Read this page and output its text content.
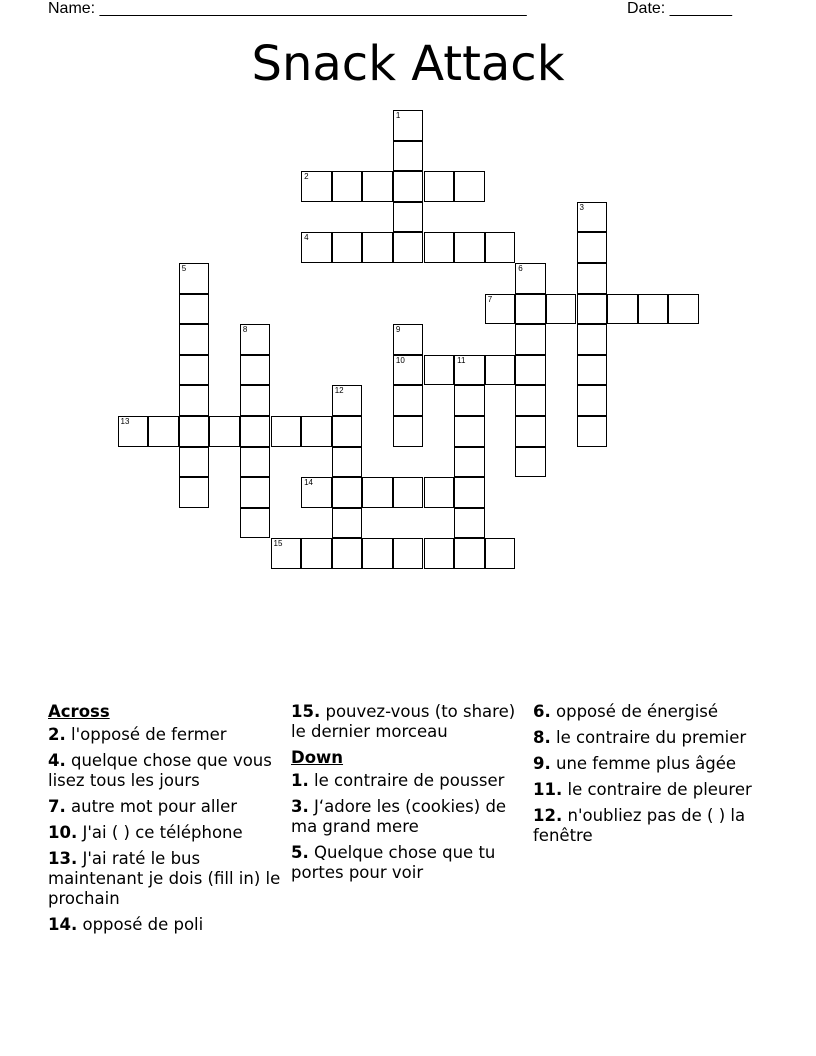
Name: ________________________________________________	Date: _______
Snack Attack
1
2
3
4
5	6
7
8	9
10	11
12
13
14
15
Across
2. l'opposé de fermer
4. quelque chose que vous lisez tous les jours
7. autre mot pour aller
10. J'ai ( ) ce téléphone
13. J'ai raté le bus maintenant je dois (fill in) le prochain
14. opposé de poli
15. pouvez-vous (to share) le dernier morceau
Down
1. le contraire de pousser
3. J‘adore les (cookies) de ma grand mere
5. Quelque chose que tu portes pour voir
6. opposé de énergisé
8. le contraire du premier
9. une femme plus âgée
11. le contraire de pleurer
12. n'oubliez pas de ( ) la fenêtre
